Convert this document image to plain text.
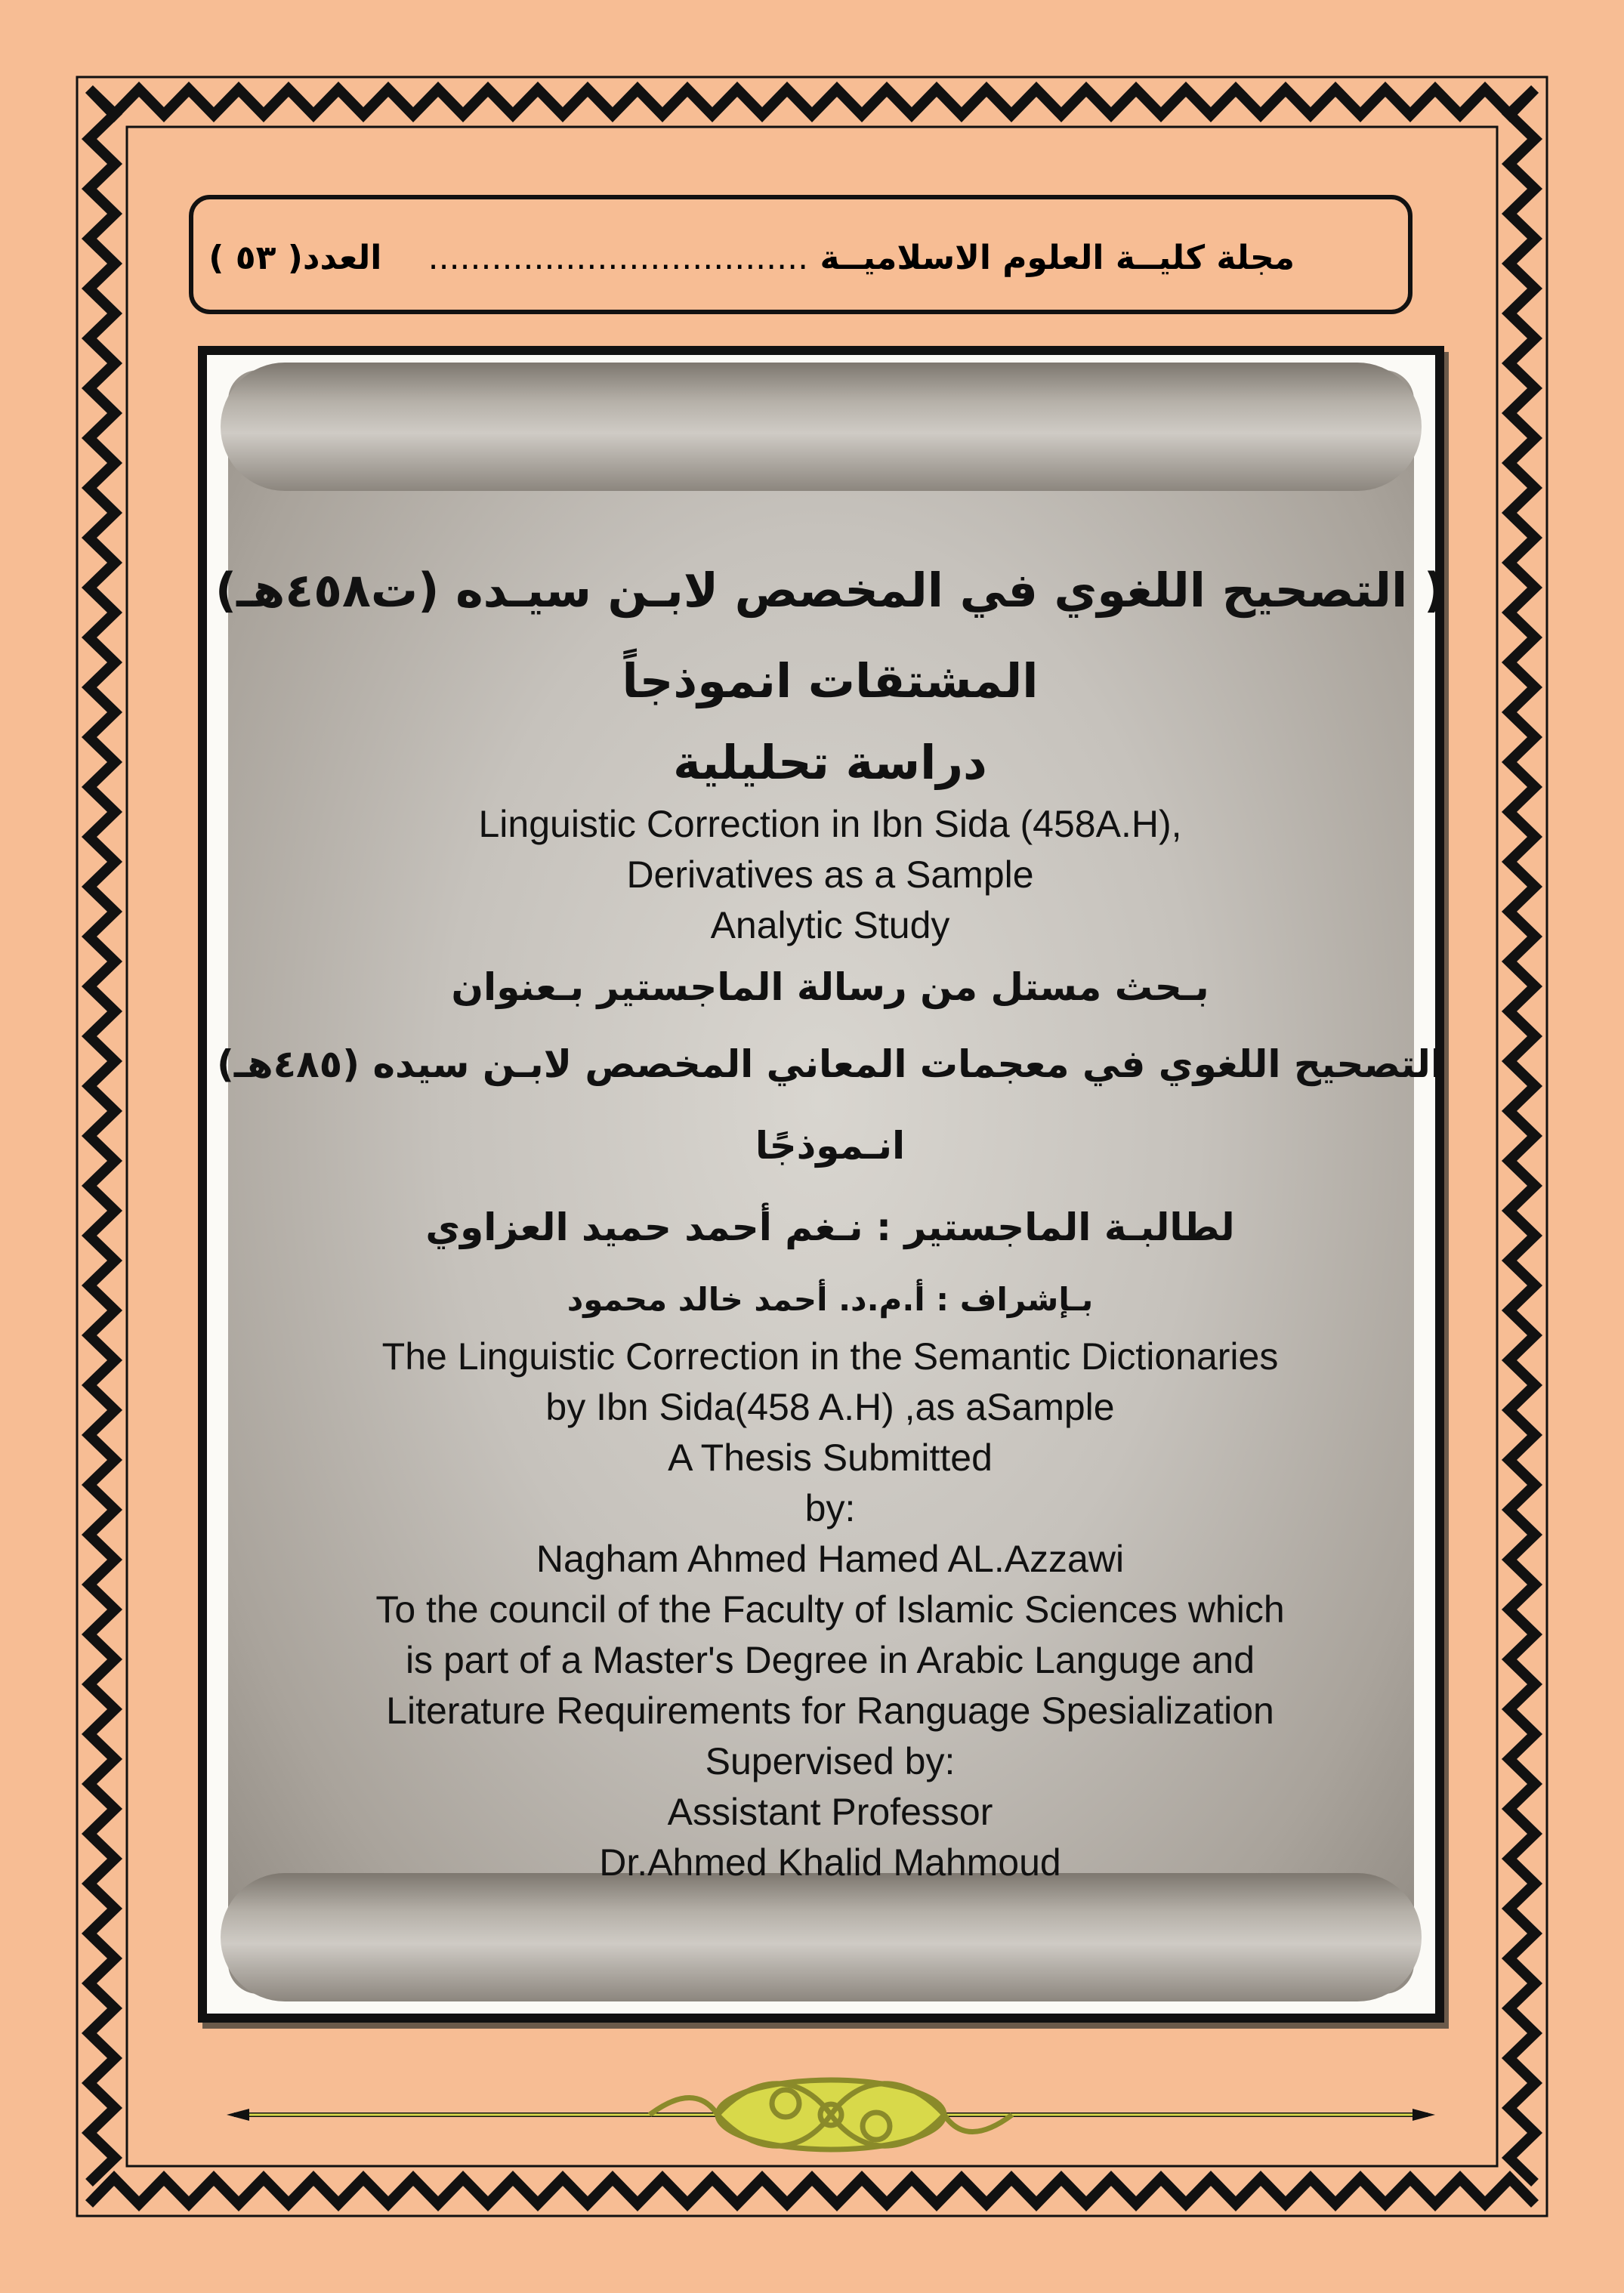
مجلة كليــة العلوم الاسلاميــة ....................................    العدد( ٥٣ )
( التصحيح اللغوي في المخصص لابـن سيـده (ت٤٥٨هـ)
المشتقات انموذجاً
دراسة تحليلية
Linguistic Correction in Ibn Sida (458A.H),
Derivatives as a Sample
Analytic Study
بـحث مستل من رسالة الماجستير بـعنوان
التصحيح اللغوي في معجمات المعاني المخصص لابـن سيده (٤٨٥هـ)
انـموذجًا
لطالبـة الماجستير : نـغم أحمد حميد العزاوي
بـإشراف : أ.م.د. أحمد خالد محمود
The Linguistic Correction in the Semantic Dictionaries
by Ibn Sida(458 A.H) ,as aSample
A Thesis Submitted
by:
Nagham Ahmed Hamed AL.Azzawi
To the council of the Faculty of Islamic Sciences which
is part of a Master's Degree in Arabic Languge and
Literature Requirements for Ranguage Spesialization
Supervised by:
Assistant Professor
Dr.Ahmed Khalid Mahmoud
